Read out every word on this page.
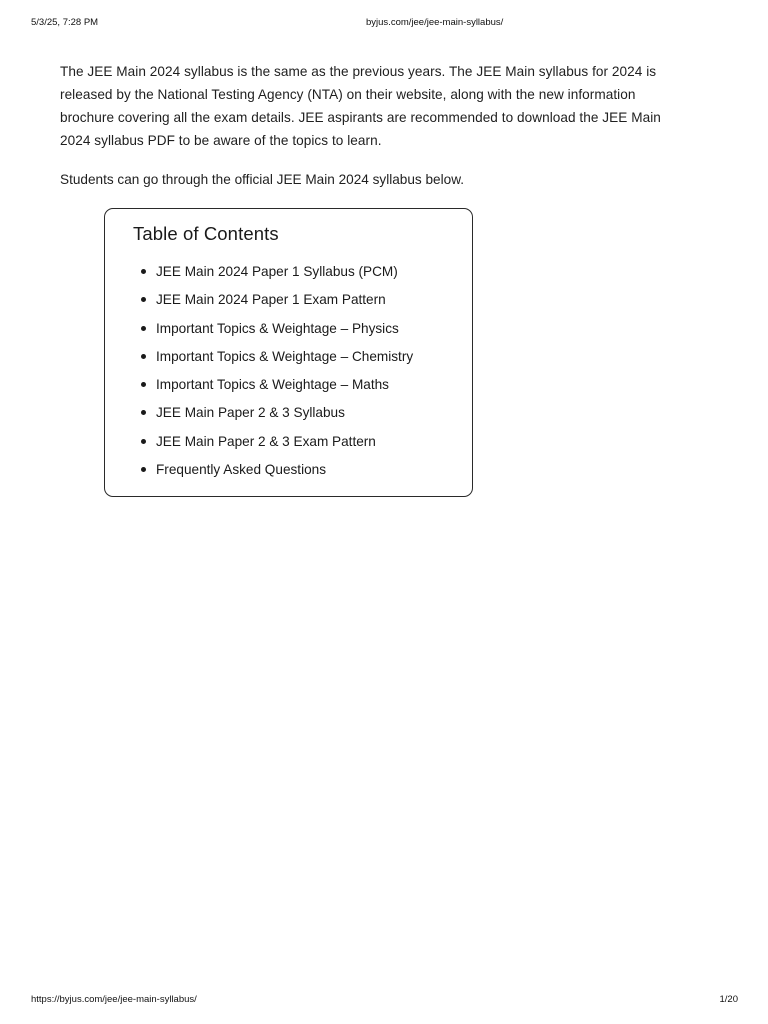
5/3/25, 7:28 PM	byjus.com/jee/jee-main-syllabus/

The JEE Main 2024 syllabus is the same as the previous years. The JEE Main syllabus for 2024 is
released by the National Testing Agency (NTA) on their website, along with the new information
brochure covering all the exam details. JEE aspirants are recommended to download the JEE Main
2024 syllabus PDF to be aware of the topics to learn.

Students can go through the official JEE Main 2024 syllabus below.

Table of Contents
JEE Main 2024 Paper 1 Syllabus (PCM)
JEE Main 2024 Paper 1 Exam Pattern
Important Topics & Weightage – Physics
Important Topics & Weightage – Chemistry
Important Topics & Weightage – Maths
JEE Main Paper 2 & 3 Syllabus
JEE Main Paper 2 & 3 Exam Pattern
Frequently Asked Questions
https://byjus.com/jee/jee-main-syllabus/	1/20
